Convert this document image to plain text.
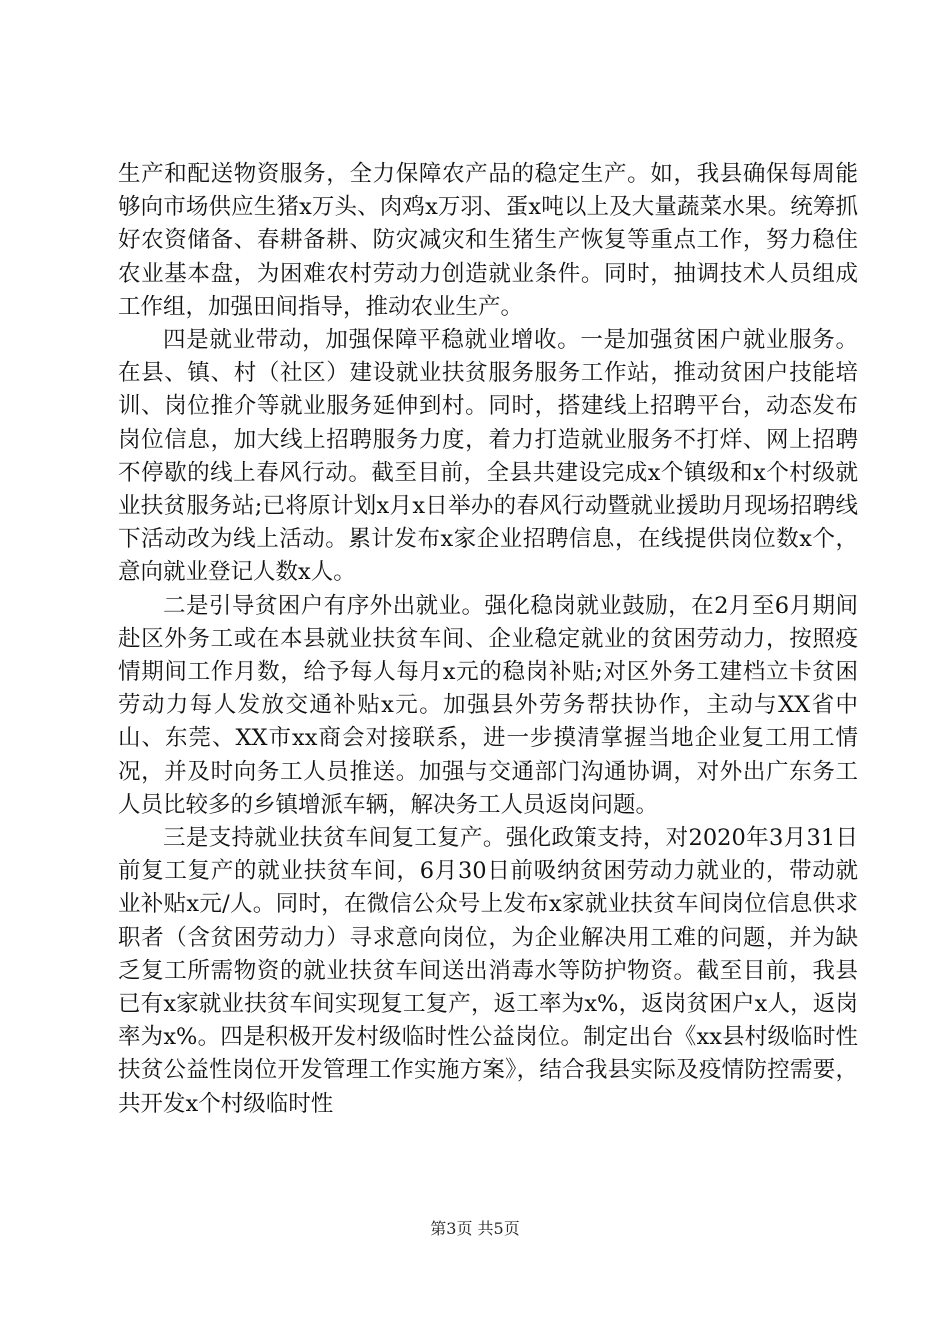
生产和配送物资服务，全力保障农产品的稳定生产。如，我县确保每周能够向市场供应生猪x万头、肉鸡x万羽、蛋x吨以上及大量蔬菜水果。统筹抓好农资储备、春耕备耕、防灾减灾和生猪生产恢复等重点工作，努力稳住农业基本盘，为困难农村劳动力创造就业条件。同时，抽调技术人员组成工作组，加强田间指导，推动农业生产。

四是就业带动，加强保障平稳就业增收。一是加强贫困户就业服务。在县、镇、村（社区）建设就业扶贫服务服务工作站，推动贫困户技能培训、岗位推介等就业服务延伸到村。同时，搭建线上招聘平台，动态发布岗位信息，加大线上招聘服务力度，着力打造就业服务不打烊、网上招聘不停歇的线上春风行动。截至目前，全县共建设完成x个镇级和x个村级就业扶贫服务站;已将原计划x月x日举办的春风行动暨就业援助月现场招聘线下活动改为线上活动。累计发布x家企业招聘信息，在线提供岗位数x个，意向就业登记人数x人。

二是引导贫困户有序外出就业。强化稳岗就业鼓励，在2月至6月期间赴区外务工或在本县就业扶贫车间、企业稳定就业的贫困劳动力，按照疫情期间工作月数，给予每人每月x元的稳岗补贴;对区外务工建档立卡贫困劳动力每人发放交通补贴x元。加强县外劳务帮扶协作，主动与XX省中山、东莞、XX市xx商会对接联系，进一步摸清掌握当地企业复工用工情况，并及时向务工人员推送。加强与交通部门沟通协调，对外出广东务工人员比较多的乡镇增派车辆，解决务工人员返岗问题。

三是支持就业扶贫车间复工复产。强化政策支持，对2020年3月31日前复工复产的就业扶贫车间，6月30日前吸纳贫困劳动力就业的，带动就业补贴x元/人。同时，在微信公众号上发布x家就业扶贫车间岗位信息供求职者（含贫困劳动力）寻求意向岗位，为企业解决用工难的问题，并为缺乏复工所需物资的就业扶贫车间送出消毒水等防护物资。截至目前，我县已有x家就业扶贫车间实现复工复产，返工率为x%，返岗贫困户x人，返岗率为x%。四是积极开发村级临时性公益岗位。制定出台《xx县村级临时性扶贫公益性岗位开发管理工作实施方案》，结合我县实际及疫情防控需要，共开发x个村级临时性

第3页 共5页
